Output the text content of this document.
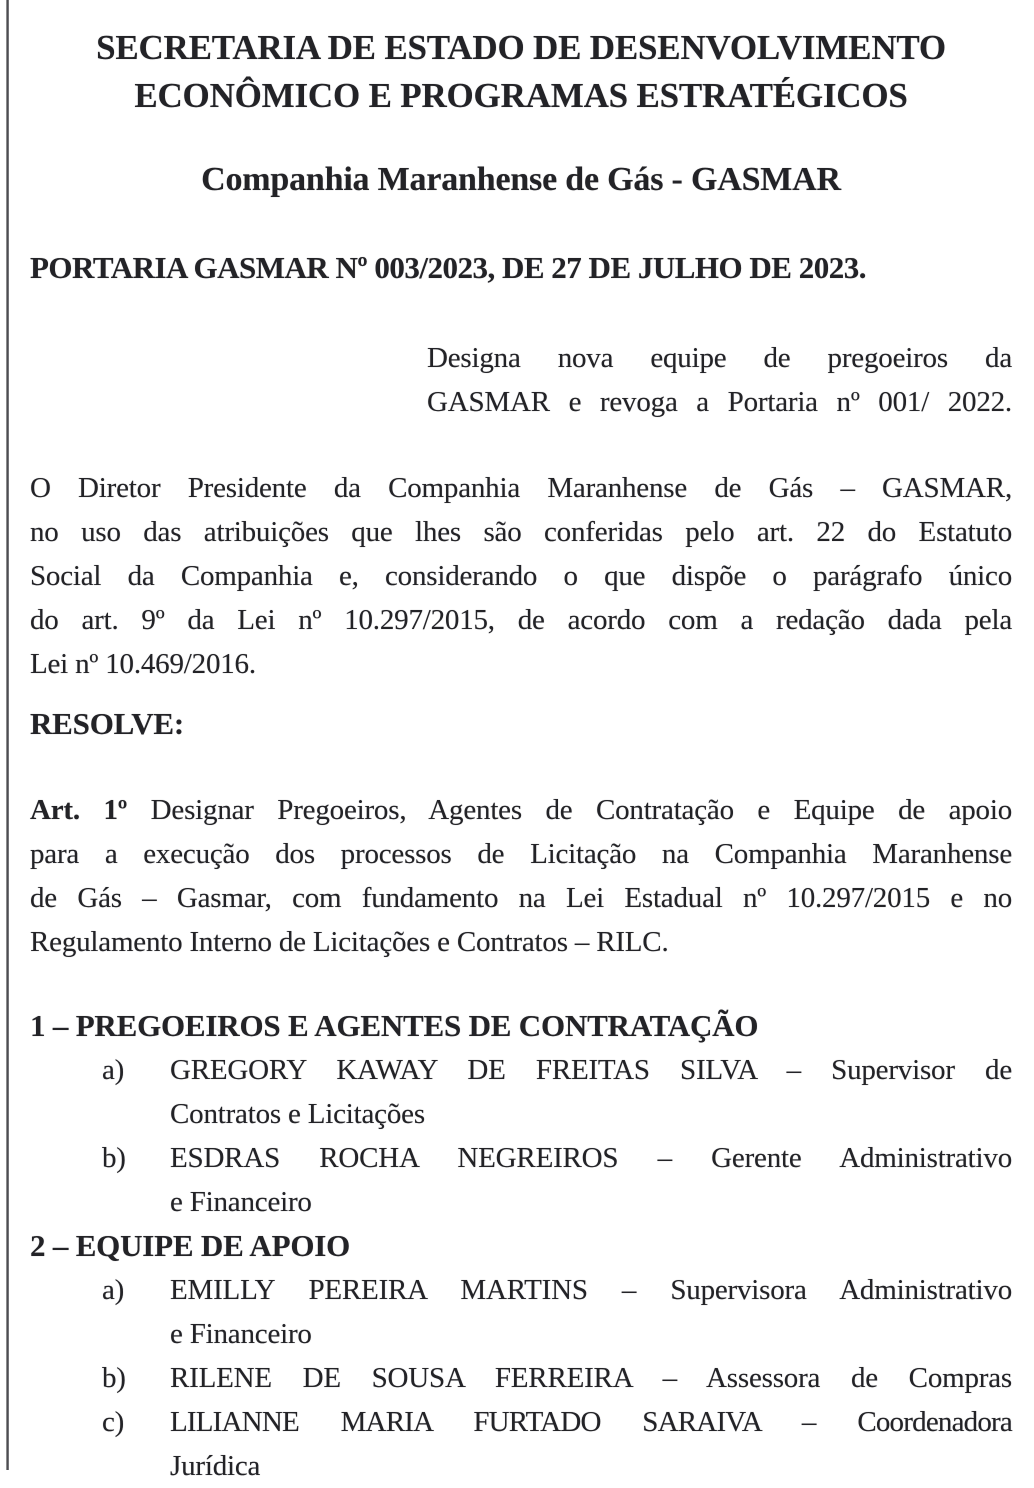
SECRETARIA DE ESTADO DE DESENVOLVIMENTO
ECONÔMICO E PROGRAMAS ESTRATÉGICOS
Companhia Maranhense de Gás - GASMAR
PORTARIA GASMAR Nº 003/2023, DE 27 DE JULHO DE 2023.
Designa nova equipe de pregoeiros da
GASMAR e revoga a Portaria nº 001/ 2022.
O Diretor Presidente da Companhia Maranhense de Gás – GASMAR,
no uso das atribuições que lhes são conferidas pelo art. 22 do Estatuto
Social da Companhia e, considerando o que dispõe o parágrafo único
do art. 9º da Lei nº 10.297/2015, de acordo com a redação dada pela
Lei nº 10.469/2016.
RESOLVE:
Art. 1º Designar Pregoeiros, Agentes de Contratação e Equipe de apoio
para a execução dos processos de Licitação na Companhia Maranhense
de Gás – Gasmar, com fundamento na Lei Estadual nº 10.297/2015 e no
Regulamento Interno de Licitações e Contratos – RILC.
1 – PREGOEIROS E AGENTES DE CONTRATAÇÃO
a)	GREGORY KAWAY DE FREITAS SILVA – Supervisor de
Contratos e Licitações
b)	ESDRAS ROCHA NEGREIROS – Gerente Administrativo
e Financeiro
2 – EQUIPE DE APOIO
a)	EMILLY PEREIRA MARTINS – Supervisora Administrativo
e Financeiro
b)	RILENE DE SOUSA FERREIRA – Assessora de Compras
c)	LILIANNE MARIA FURTADO SARAIVA – Coordenadora
Jurídica
